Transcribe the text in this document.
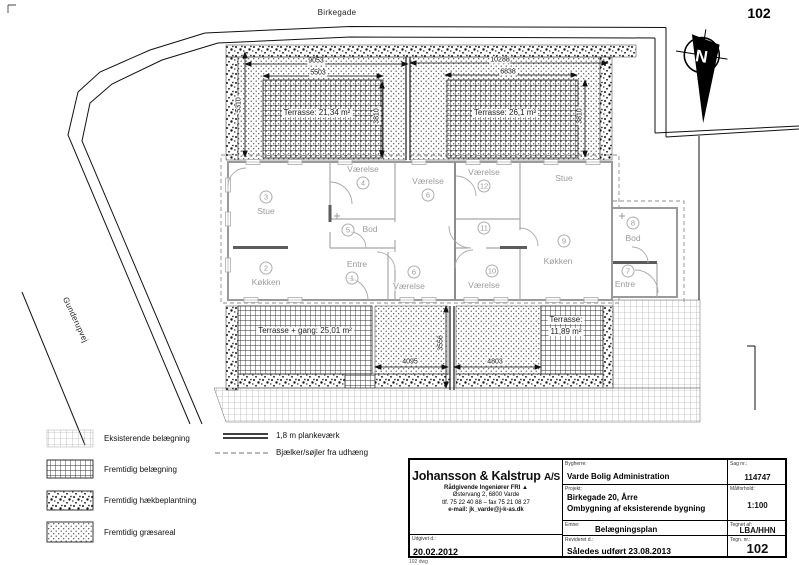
N
Birkegade
Gunderupvej
102
9053
5503
10288
6838
5310
3810	3810
4095	4803
3556
Terrasse: 21,34 m²	Terrasse: 26,1 m²
Terrasse + gang: 25,01 m²
Terrasse:
11,89 m²
3
Stue
2
Køkken
Værelse
4
5	Bod
Entre
1
Værelse
6
6
Værelse
Værelse
12
11
10
Værelse
Stue
9
Køkken
8
Bod
7
Entre
Eksisterende belægning
Fremtidig belægning
Fremtidig hækbeplantning
Fremtidig græsareal
1,8 m plankeværk
Bjælker/søjler fra udhæng
Johansson & Kalstrup A/S
Rådgivende Ingeniører FRI ▲
Østervang 2, 6800 Varde
tlf. 75 22 40 88 – fax 75 21 08 27
e-mail: jk_varde@j-k-as.dk
Udgivet d.:
20.02.2012
Bygherre:
Varde Bolig Administration
Sag nr.:
114747
Projekt:
Birkegade 20, Årre
Ombygning af eksisterende bygning
Målforhold:
1:100
Emne: Belægningsplan	Tegnet af:
LBA/HHN
Revideret d.:
Således udført 23.08.2013
Tegn. nr.:
102
102 dwg
